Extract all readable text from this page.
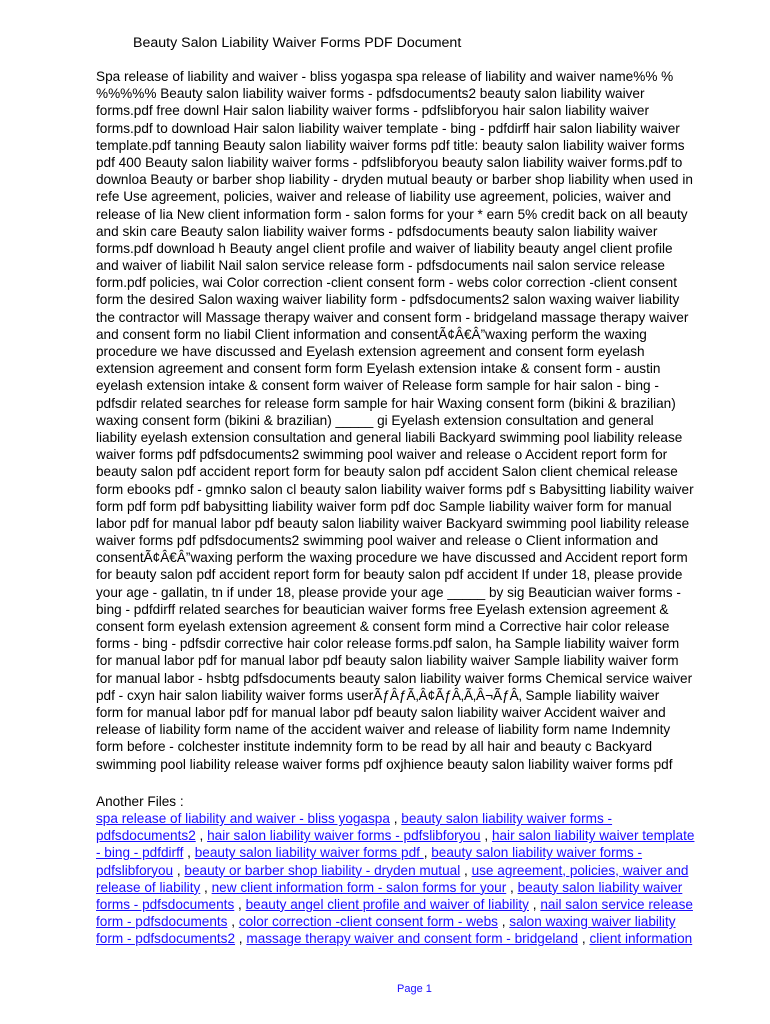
Beauty Salon Liability Waiver Forms PDF Document
Spa release of liability and waiver - bliss yogaspa spa release of liability and waiver name%% %
%%%%% Beauty salon liability waiver forms - pdfsdocuments2 beauty salon liability waiver
forms.pdf free downl Hair salon liability waiver forms - pdfslibforyou hair salon liability waiver
forms.pdf to download Hair salon liability waiver template - bing - pdfdirff hair salon liability waiver
template.pdf tanning Beauty salon liability waiver forms pdf title: beauty salon liability waiver forms
pdf 400 Beauty salon liability waiver forms - pdfslibforyou beauty salon liability waiver forms.pdf to
downloa Beauty or barber shop liability - dryden mutual beauty or barber shop liability when used in
refe Use agreement, policies, waiver and release of liability use agreement, policies, waiver and
release of lia New client information form - salon forms for your * earn 5% credit back on all beauty
and skin care Beauty salon liability waiver forms - pdfsdocuments beauty salon liability waiver
forms.pdf download h Beauty angel client profile and waiver of liability beauty angel client profile
and waiver of liabilit Nail salon service release form - pdfsdocuments nail salon service release
form.pdf policies, wai Color correction -client consent form - webs color correction -client consent
form the desired Salon waxing waiver liability form - pdfsdocuments2 salon waxing waiver liability
the contractor will Massage therapy waiver and consent form - bridgeland massage therapy waiver
and consent form no liabil Client information and consentÃ¢Â€Â”waxing perform the waxing
procedure we have discussed and Eyelash extension agreement and consent form eyelash
extension agreement and consent form form Eyelash extension intake & consent form - austin
eyelash extension intake & consent form waiver of Release form sample for hair salon - bing -
pdfsdir related searches for release form sample for hair Waxing consent form (bikini & brazilian)
waxing consent form (bikini & brazilian) _____ gi Eyelash extension consultation and general
liability eyelash extension consultation and general liabili Backyard swimming pool liability release
waiver forms pdf pdfsdocuments2 swimming pool waiver and release o Accident report form for
beauty salon pdf accident report form for beauty salon pdf accident Salon client chemical release
form ebooks pdf - gmnko salon cl beauty salon liability waiver forms pdf s Babysitting liability waiver
form pdf form pdf babysitting liability waiver form pdf doc Sample liability waiver form for manual
labor pdf for manual labor pdf beauty salon liability waiver Backyard swimming pool liability release
waiver forms pdf pdfsdocuments2 swimming pool waiver and release o Client information and
consentÃ¢Â€Â”waxing perform the waxing procedure we have discussed and Accident report form
for beauty salon pdf accident report form for beauty salon pdf accident If under 18, please provide
your age - gallatin, tn if under 18, please provide your age _____ by sig Beautician waiver forms -
bing - pdfdirff related searches for beautician waiver forms free Eyelash extension agreement &
consent form eyelash extension agreement & consent form mind a Corrective hair color release
forms - bing - pdfsdir corrective hair color release forms.pdf salon, ha Sample liability waiver form
for manual labor pdf for manual labor pdf beauty salon liability waiver Sample liability waiver form
for manual labor - hsbtg pdfsdocuments beauty salon liability waiver forms Chemical service waiver
pdf - cxyn hair salon liability waiver forms userÃƒÂƒÃ‚Â¢ÃƒÂ‚Ã‚Â¬ÃƒÂ‚ Sample liability waiver
form for manual labor pdf for manual labor pdf beauty salon liability waiver Accident waiver and
release of liability form name of the accident waiver and release of liability form name Indemnity
form before - colchester institute indemnity form to be read by all hair and beauty c Backyard
swimming pool liability release waiver forms pdf oxjhience beauty salon liability waiver forms pdf
Another Files :
spa release of liability and waiver - bliss yogaspa , beauty salon liability waiver forms -
pdfsdocuments2 , hair salon liability waiver forms - pdfslibforyou , hair salon liability waiver template
- bing - pdfdirff , beauty salon liability waiver forms pdf , beauty salon liability waiver forms -
pdfslibforyou , beauty or barber shop liability - dryden mutual , use agreement, policies, waiver and
release of liability , new client information form - salon forms for your , beauty salon liability waiver
forms - pdfsdocuments , beauty angel client profile and waiver of liability , nail salon service release
form - pdfsdocuments , color correction -client consent form - webs , salon waxing waiver liability
form - pdfsdocuments2 , massage therapy waiver and consent form - bridgeland , client information
Page 1
